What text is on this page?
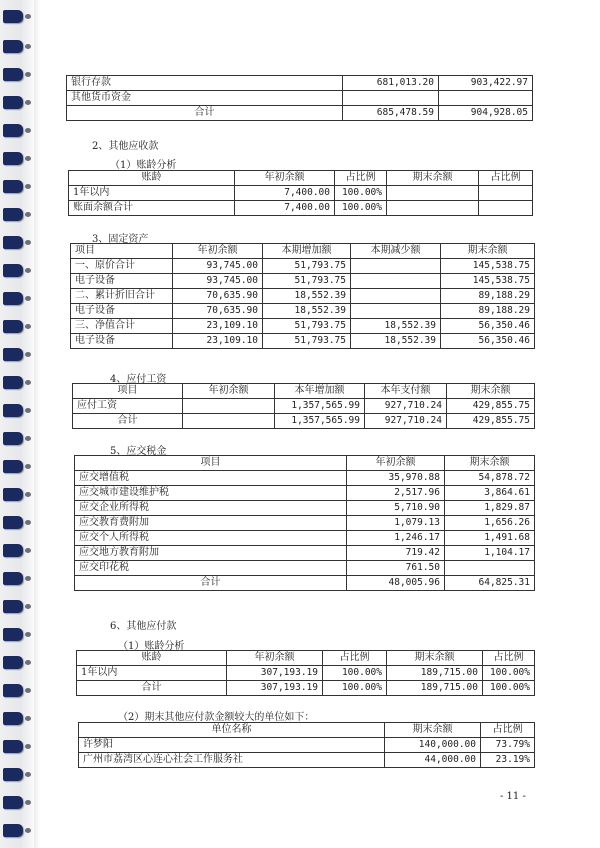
银行存款	681,013.20	903,422.97
其他货币资金		
合计	685,478.59	904,928.05
2、其他应收款
（1）账龄分析
账龄	年初余额	占比例	期末余额	占比例
1年以内	7,400.00	100.00%		
账面余额合计	7,400.00	100.00%		
3、固定资产
项目	年初余额	本期增加额	本期减少额	期末余额
一、原价合计	93,745.00	51,793.75		145,538.75
电子设备	93,745.00	51,793.75		145,538.75
二、累计折旧合计	70,635.90	18,552.39		89,188.29
电子设备	70,635.90	18,552.39		89,188.29
三、净值合计	23,109.10	51,793.75	18,552.39	56,350.46
电子设备	23,109.10	51,793.75	18,552.39	56,350.46
4、应付工资
项目	年初余额	本年增加额	本年支付额	期末余额
应付工资		1,357,565.99	927,710.24	429,855.75
合计		1,357,565.99	927,710.24	429,855.75
5、应交税金
项目	年初余额	期末余额
应交增值税	35,970.88	54,878.72
应交城市建设维护税	2,517.96	3,864.61
应交企业所得税	5,710.90	1,829.87
应交教育费附加	1,079.13	1,656.26
应交个人所得税	1,246.17	1,491.68
应交地方教育附加	719.42	1,104.17
应交印花税	761.50	
合计	48,005.96	64,825.31
6、其他应付款
（1）账龄分析
账龄	年初余额	占比例	期末余额	占比例
1年以内	307,193.19	100.00%	189,715.00	100.00%
合计	307,193.19	100.00%	189,715.00	100.00%
（2）期末其他应付款金额较大的单位如下：
单位名称	期末余额	占比例
许梦阳	140,000.00	73.79%
广州市荔湾区心连心社会工作服务社	44,000.00	23.19%
- 11 -
